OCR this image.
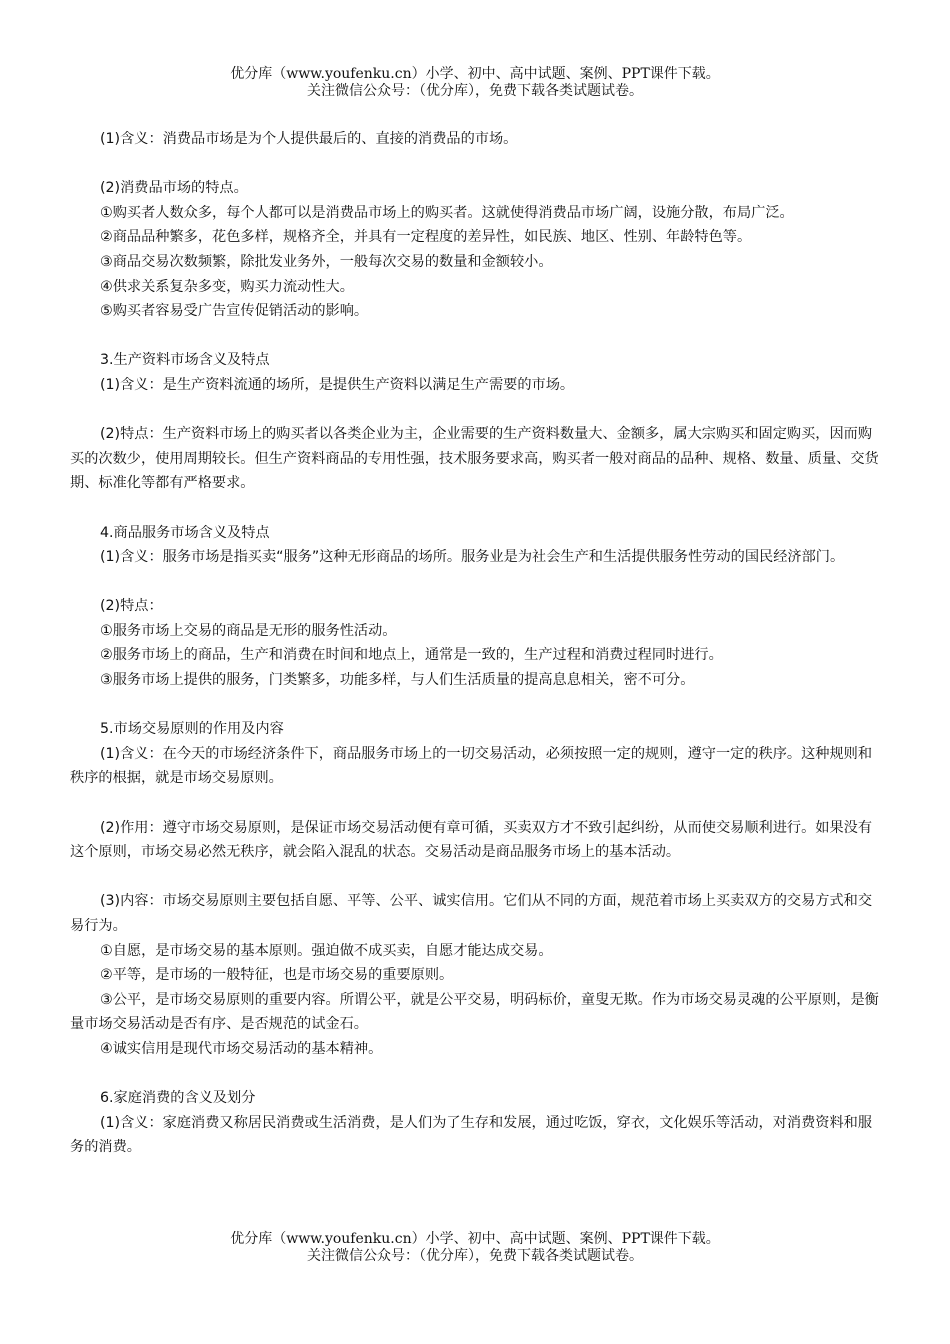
优分库（www.youfenku.cn）小学、初中、高中试题、案例、PPT课件下载。
关注微信公众号：（优分库），免费下载各类试题试卷。

(1)含义：消费品市场是为个人提供最后的、直接的消费品的市场。

(2)消费品市场的特点。

①购买者人数众多，每个人都可以是消费品市场上的购买者。这就使得消费品市场广阔，设施分散，布局广泛。

②商品品种繁多，花色多样，规格齐全，并具有一定程度的差异性，如民族、地区、性别、年龄特色等。

③商品交易次数频繁，除批发业务外，一般每次交易的数量和金额较小。

④供求关系复杂多变，购买力流动性大。

⑤购买者容易受广告宣传促销活动的影响。

3.生产资料市场含义及特点

(1)含义：是生产资料流通的场所，是提供生产资料以满足生产需要的市场。

(2)特点：生产资料市场上的购买者以各类企业为主，企业需要的生产资料数量大、金额多，属大宗购买和固定购买，因而购买的次数少，使用周期较长。但生产资料商品的专用性强，技术服务要求高，购买者一般对商品的品种、规格、数量、质量、交货期、标准化等都有严格要求。

4.商品服务市场含义及特点

(1)含义：服务市场是指买卖“服务”这种无形商品的场所。服务业是为社会生产和生活提供服务性劳动的国民经济部门。

(2)特点：

①服务市场上交易的商品是无形的服务性活动。

②服务市场上的商品，生产和消费在时间和地点上，通常是一致的，生产过程和消费过程同时进行。

③服务市场上提供的服务，门类繁多，功能多样，与人们生活质量的提高息息相关，密不可分。

5.市场交易原则的作用及内容

(1)含义：在今天的市场经济条件下，商品服务市场上的一切交易活动，必须按照一定的规则，遵守一定的秩序。这种规则和秩序的根据，就是市场交易原则。

(2)作用：遵守市场交易原则，是保证市场交易活动便有章可循，买卖双方才不致引起纠纷，从而使交易顺利进行。如果没有这个原则，市场交易必然无秩序，就会陷入混乱的状态。交易活动是商品服务市场上的基本活动。

(3)内容：市场交易原则主要包括自愿、平等、公平、诚实信用。它们从不同的方面，规范着市场上买卖双方的交易方式和交易行为。

①自愿，是市场交易的基本原则。强迫做不成买卖，自愿才能达成交易。

②平等，是市场的一般特征，也是市场交易的重要原则。

③公平，是市场交易原则的重要内容。所谓公平，就是公平交易，明码标价，童叟无欺。作为市场交易灵魂的公平原则，是衡量市场交易活动是否有序、是否规范的试金石。

④诚实信用是现代市场交易活动的基本精神。

6.家庭消费的含义及划分

(1)含义：家庭消费又称居民消费或生活消费，是人们为了生存和发展，通过吃饭，穿衣，文化娱乐等活动，对消费资料和服务的消费。

优分库（www.youfenku.cn）小学、初中、高中试题、案例、PPT课件下载。
关注微信公众号：（优分库），免费下载各类试题试卷。
